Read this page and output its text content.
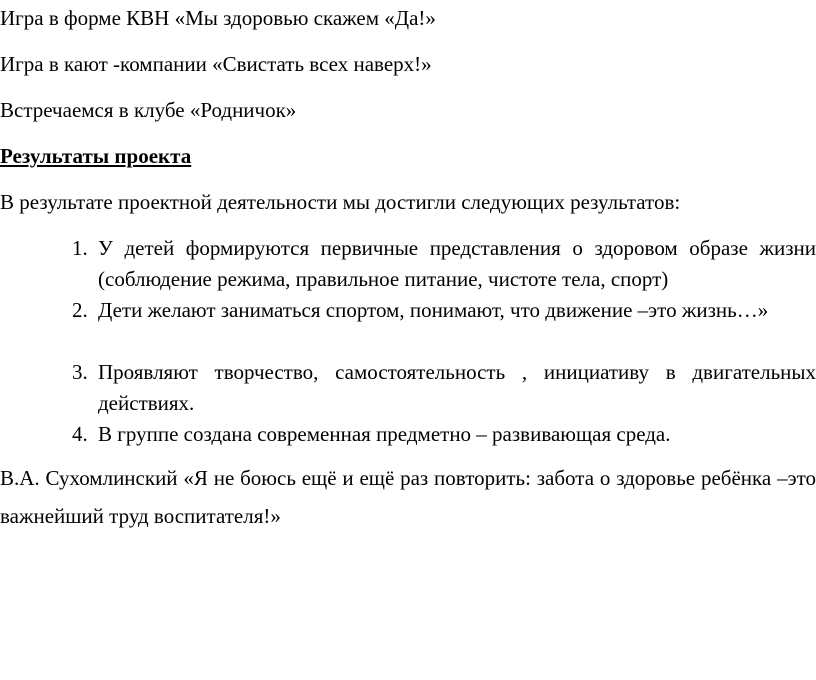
Игра в форме КВН «Мы здоровью скажем «Да!»
Игра в кают -компании «Свистать всех наверх!»
Встречаемся в клубе «Родничок»
Результаты проекта
В результате проектной деятельности мы достигли следующих результатов:
1. У детей формируются первичные представления о здоровом образе жизни (соблюдение режима, правильное питание, чистоте тела, спорт)
2. Дети желают заниматься спортом, понимают, что движение –это жизнь…»
3. Проявляют творчество, самостоятельность , инициативу в двигательных действиях.
4. В группе создана современная предметно – развивающая среда.
В.А. Сухомлинский «Я не боюсь ещё и ещё раз повторить: забота о здоровье ребёнка –это важнейший труд воспитателя!»
